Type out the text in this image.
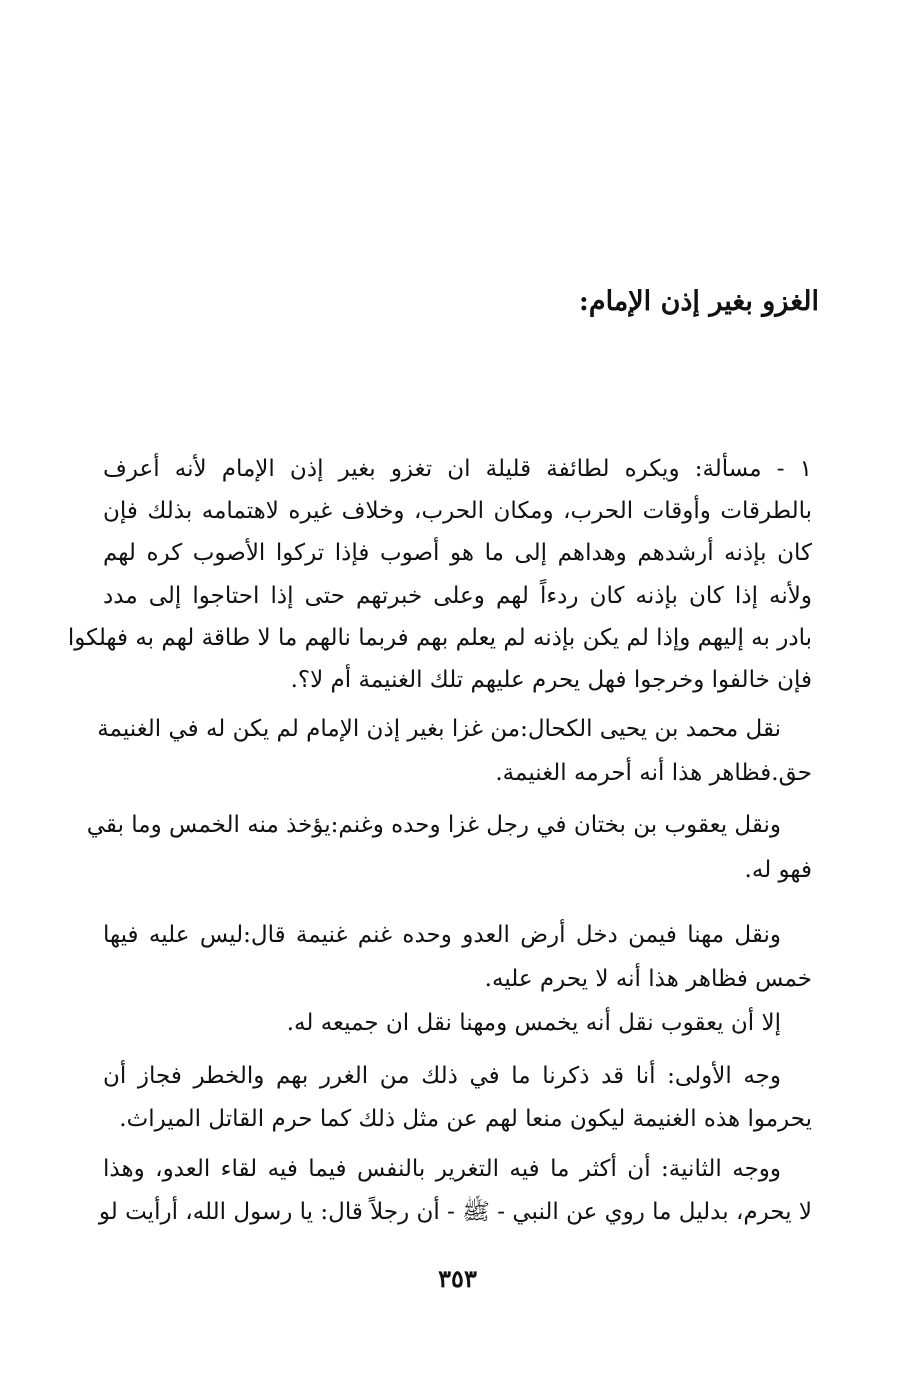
الغزو بغير إذن الإمام:
١ - مسألة: ويكره لطائفة قليلة ان تغزو بغير إذن الإمام لأنه أعرف
بالطرقات وأوقات الحرب، ومكان الحرب، وخلاف غيره لاهتمامه بذلك فإن
كان بإذنه أرشدهم وهداهم إلى ما هو أصوب فإذا تركوا الأصوب كره لهم
ولأنه إذا كان بإذنه كان ردءاً لهم وعلى خبرتهم حتى إذا احتاجوا إلى مدد
بادر به إليهم وإذا لم يكن بإذنه لم يعلم بهم فربما نالهم ما لا طاقة لهم به فهلكوا
فإن خالفوا وخرجوا فهل يحرم عليهم تلك الغنيمة أم لا؟.
نقل محمد بن يحيى الكحال:من غزا بغير إذن الإمام لم يكن له في الغنيمة
حق.فظاهر هذا أنه أحرمه الغنيمة.
ونقل يعقوب بن بختان في رجل غزا وحده وغنم:يؤخذ منه الخمس وما بقي
فهو له.
ونقل مهنا فيمن دخل أرض العدو وحده غنم غنيمة قال:ليس عليه فيها
خمس فظاهر هذا أنه لا يحرم عليه.
إلا أن يعقوب نقل أنه يخمس ومهنا نقل ان جميعه له.
وجه الأولى: أنا قد ذكرنا ما في ذلك من الغرر بهم والخطر فجاز أن
يحرموا هذه الغنيمة ليكون منعا لهم عن مثل ذلك كما حرم القاتل الميراث.
ووجه الثانية: أن أكثر ما فيه التغرير بالنفس فيما فيه لقاء العدو، وهذا
لا يحرم، بدليل ما روي عن النبي - ﷺ - أن رجلاً قال: يا رسول الله، أرأيت لو
٣٥٣
